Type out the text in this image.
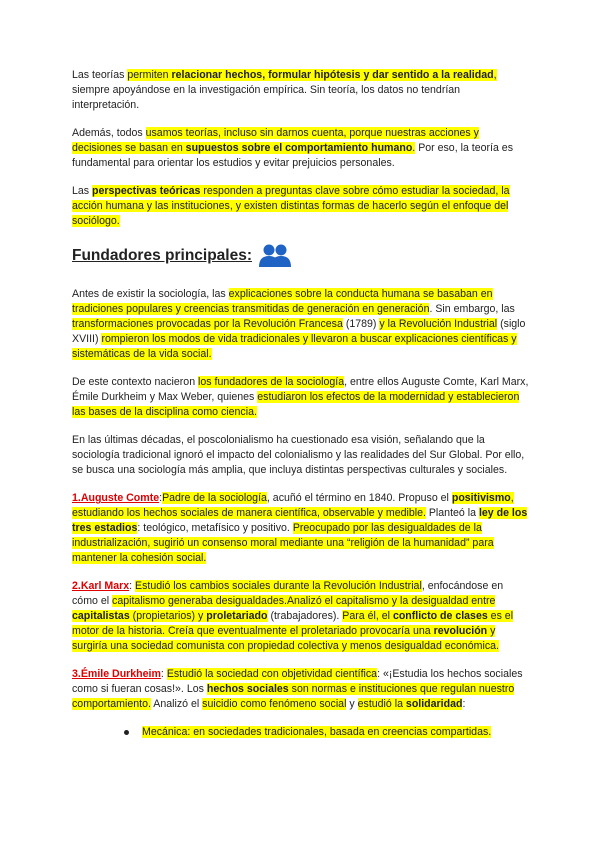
Las teorías permiten relacionar hechos, formular hipótesis y dar sentido a la realidad, siempre apoyándose en la investigación empírica. Sin teoría, los datos no tendrían interpretación.

Además, todos usamos teorías, incluso sin darnos cuenta, porque nuestras acciones y decisiones se basan en supuestos sobre el comportamiento humano. Por eso, la teoría es fundamental para orientar los estudios y evitar prejuicios personales.

Las perspectivas teóricas responden a preguntas clave sobre cómo estudiar la sociedad, la acción humana y las instituciones, y existen distintas formas de hacerlo según el enfoque del sociólogo.

Fundadores principales:

Antes de existir la sociología, las explicaciones sobre la conducta humana se basaban en tradiciones populares y creencias transmitidas de generación en generación. Sin embargo, las transformaciones provocadas por la Revolución Francesa (1789) y la Revolución Industrial (siglo XVIII) rompieron los modos de vida tradicionales y llevaron a buscar explicaciones científicas y sistemáticas de la vida social.

De este contexto nacieron los fundadores de la sociología, entre ellos Auguste Comte, Karl Marx, Émile Durkheim y Max Weber, quienes estudiaron los efectos de la modernidad y establecieron las bases de la disciplina como ciencia.

En las últimas décadas, el poscolonialismo ha cuestionado esa visión, señalando que la sociología tradicional ignoró el impacto del colonialismo y las realidades del Sur Global. Por ello, se busca una sociología más amplia, que incluya distintas perspectivas culturales y sociales.

1.Auguste Comte:Padre de la sociología, acuñó el término en 1840. Propuso el positivismo, estudiando los hechos sociales de manera científica, observable y medible. Planteó la ley de los tres estadios: teológico, metafísico y positivo. Preocupado por las desigualdades de la industrialización, sugirió un consenso moral mediante una “religión de la humanidad” para mantener la cohesión social.

2.Karl Marx: Estudió los cambios sociales durante la Revolución Industrial, enfocándose en cómo el capitalismo generaba desigualdades.Analizó el capitalismo y la desigualdad entre capitalistas (propietarios) y proletariado (trabajadores). Para él, el conflicto de clases es el motor de la historia. Creía que eventualmente el proletariado provocaría una revolución y surgiría una sociedad comunista con propiedad colectiva y menos desigualdad económica.

3.Émile Durkheim: Estudió la sociedad con objetividad científica: «¡Estudia los hechos sociales como si fueran cosas!». Los hechos sociales son normas e instituciones que regulan nuestro comportamiento. Analizó el suicidio como fenómeno social y estudió la solidaridad:

Mecánica: en sociedades tradicionales, basada en creencias compartidas.
